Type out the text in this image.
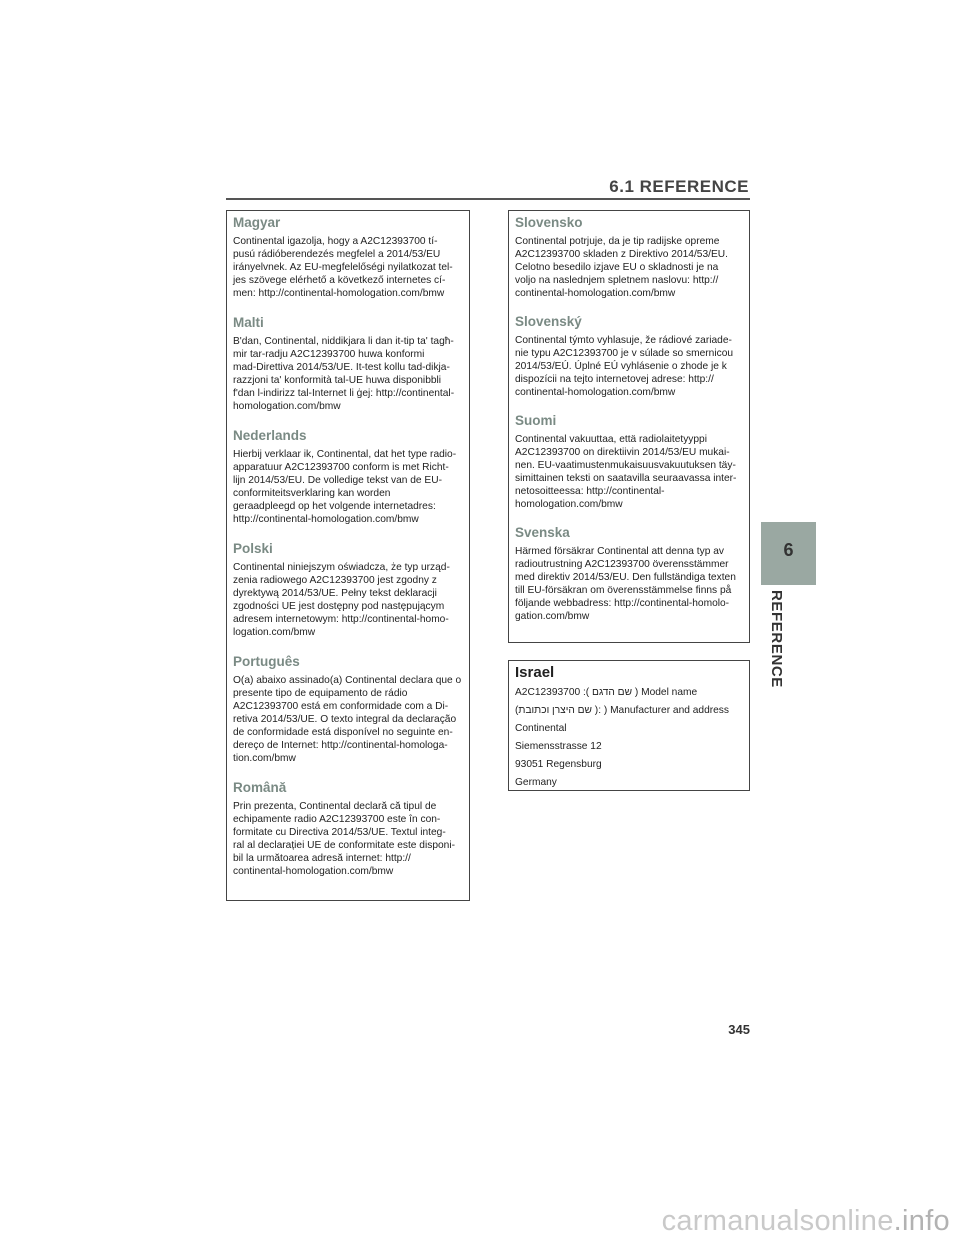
6.1 REFERENCE
Magyar

Continental igazolja, hogy a A2C12393700 tí-
pusú rádióberendezés megfelel a 2014/53/EU
irányelvnek. Az EU-megfelelőségi nyilatkozat tel-
jes szövege elérhető a következő internetes cí-
men: http://continental-homologation.com/bmw

Malti

B'dan, Continental, niddikjara li dan it-tip ta' tagħ-
mir tar-radju A2C12393700 huwa konformi
mad-Direttiva 2014/53/UE. It-test kollu tad-dikja-
razzjoni ta' konformità tal-UE huwa disponibbli
f'dan l-indirizz tal-Internet li ġej: http://continental-
homologation.com/bmw

Nederlands

Hierbij verklaar ik, Continental, dat het type radio-
apparatuur A2C12393700 conform is met Richt-
lijn 2014/53/EU. De volledige tekst van de EU-
conformiteitsverklaring kan worden
geraadpleegd op het volgende internetadres:
http://continental-homologation.com/bmw

Polski

Continental niniejszym oświadcza, że typ urząd-
zenia radiowego A2C12393700 jest zgodny z
dyrektywą 2014/53/UE. Pełny tekst deklaracji
zgodności UE jest dostępny pod następującym
adresem internetowym: http://continental-homo-
logation.com/bmw

Português

O(a) abaixo assinado(a) Continental declara que o
presente tipo de equipamento de rádio
A2C12393700 está em conformidade com a Di-
retiva 2014/53/UE. O texto integral da declaração
de conformidade está disponível no seguinte en-
dereço de Internet: http://continental-homologa-
tion.com/bmw

Română

Prin prezenta, Continental declară că tipul de
echipamente radio A2C12393700 este în con-
formitate cu Directiva 2014/53/UE. Textul integ-
ral al declarației UE de conformitate este disponi-
bil la următoarea adresă internet: http://
continental-homologation.com/bmw

Slovensko

Continental potrjuje, da je tip radijske opreme
A2C12393700 skladen z Direktivo 2014/53/EU.
Celotno besedilo izjave EU o skladnosti je na
voljo na naslednjem spletnem naslovu: http://
continental-homologation.com/bmw

Slovenský

Continental týmto vyhlasuje, že rádiové zariade-
nie typu A2C12393700 je v súlade so smernicou
2014/53/EÚ. Úplné EÚ vyhlásenie o zhode je k
dispozícii na tejto internetovej adrese: http://
continental-homologation.com/bmw

Suomi

Continental vakuuttaa, että radiolaitetyyppi
A2C12393700 on direktiivin 2014/53/EU mukai-
nen. EU-vaatimustenmukaisuusvakuutuksen täy-
simittainen teksti on saatavilla seuraavassa inter-
netosoitteessa: http://continental-
homologation.com/bmw

Svenska

Härmed försäkrar Continental att denna typ av
radioutrustning A2C12393700 överensstämmer
med direktiv 2014/53/EU. Den fullständiga texten
till EU-försäkran om överensstämmelse finns på
följande webbadress: http://continental-homolo-
gation.com/bmw

Israel

A2C12393700 :( שם הדגם ) Model name

(שם היצרן וכתובת ): ) Manufacturer and address

Continental

Siemensstrasse 12

93051 Regensburg

Germany

6
REFERENCE
345
carmanualsonline.info
